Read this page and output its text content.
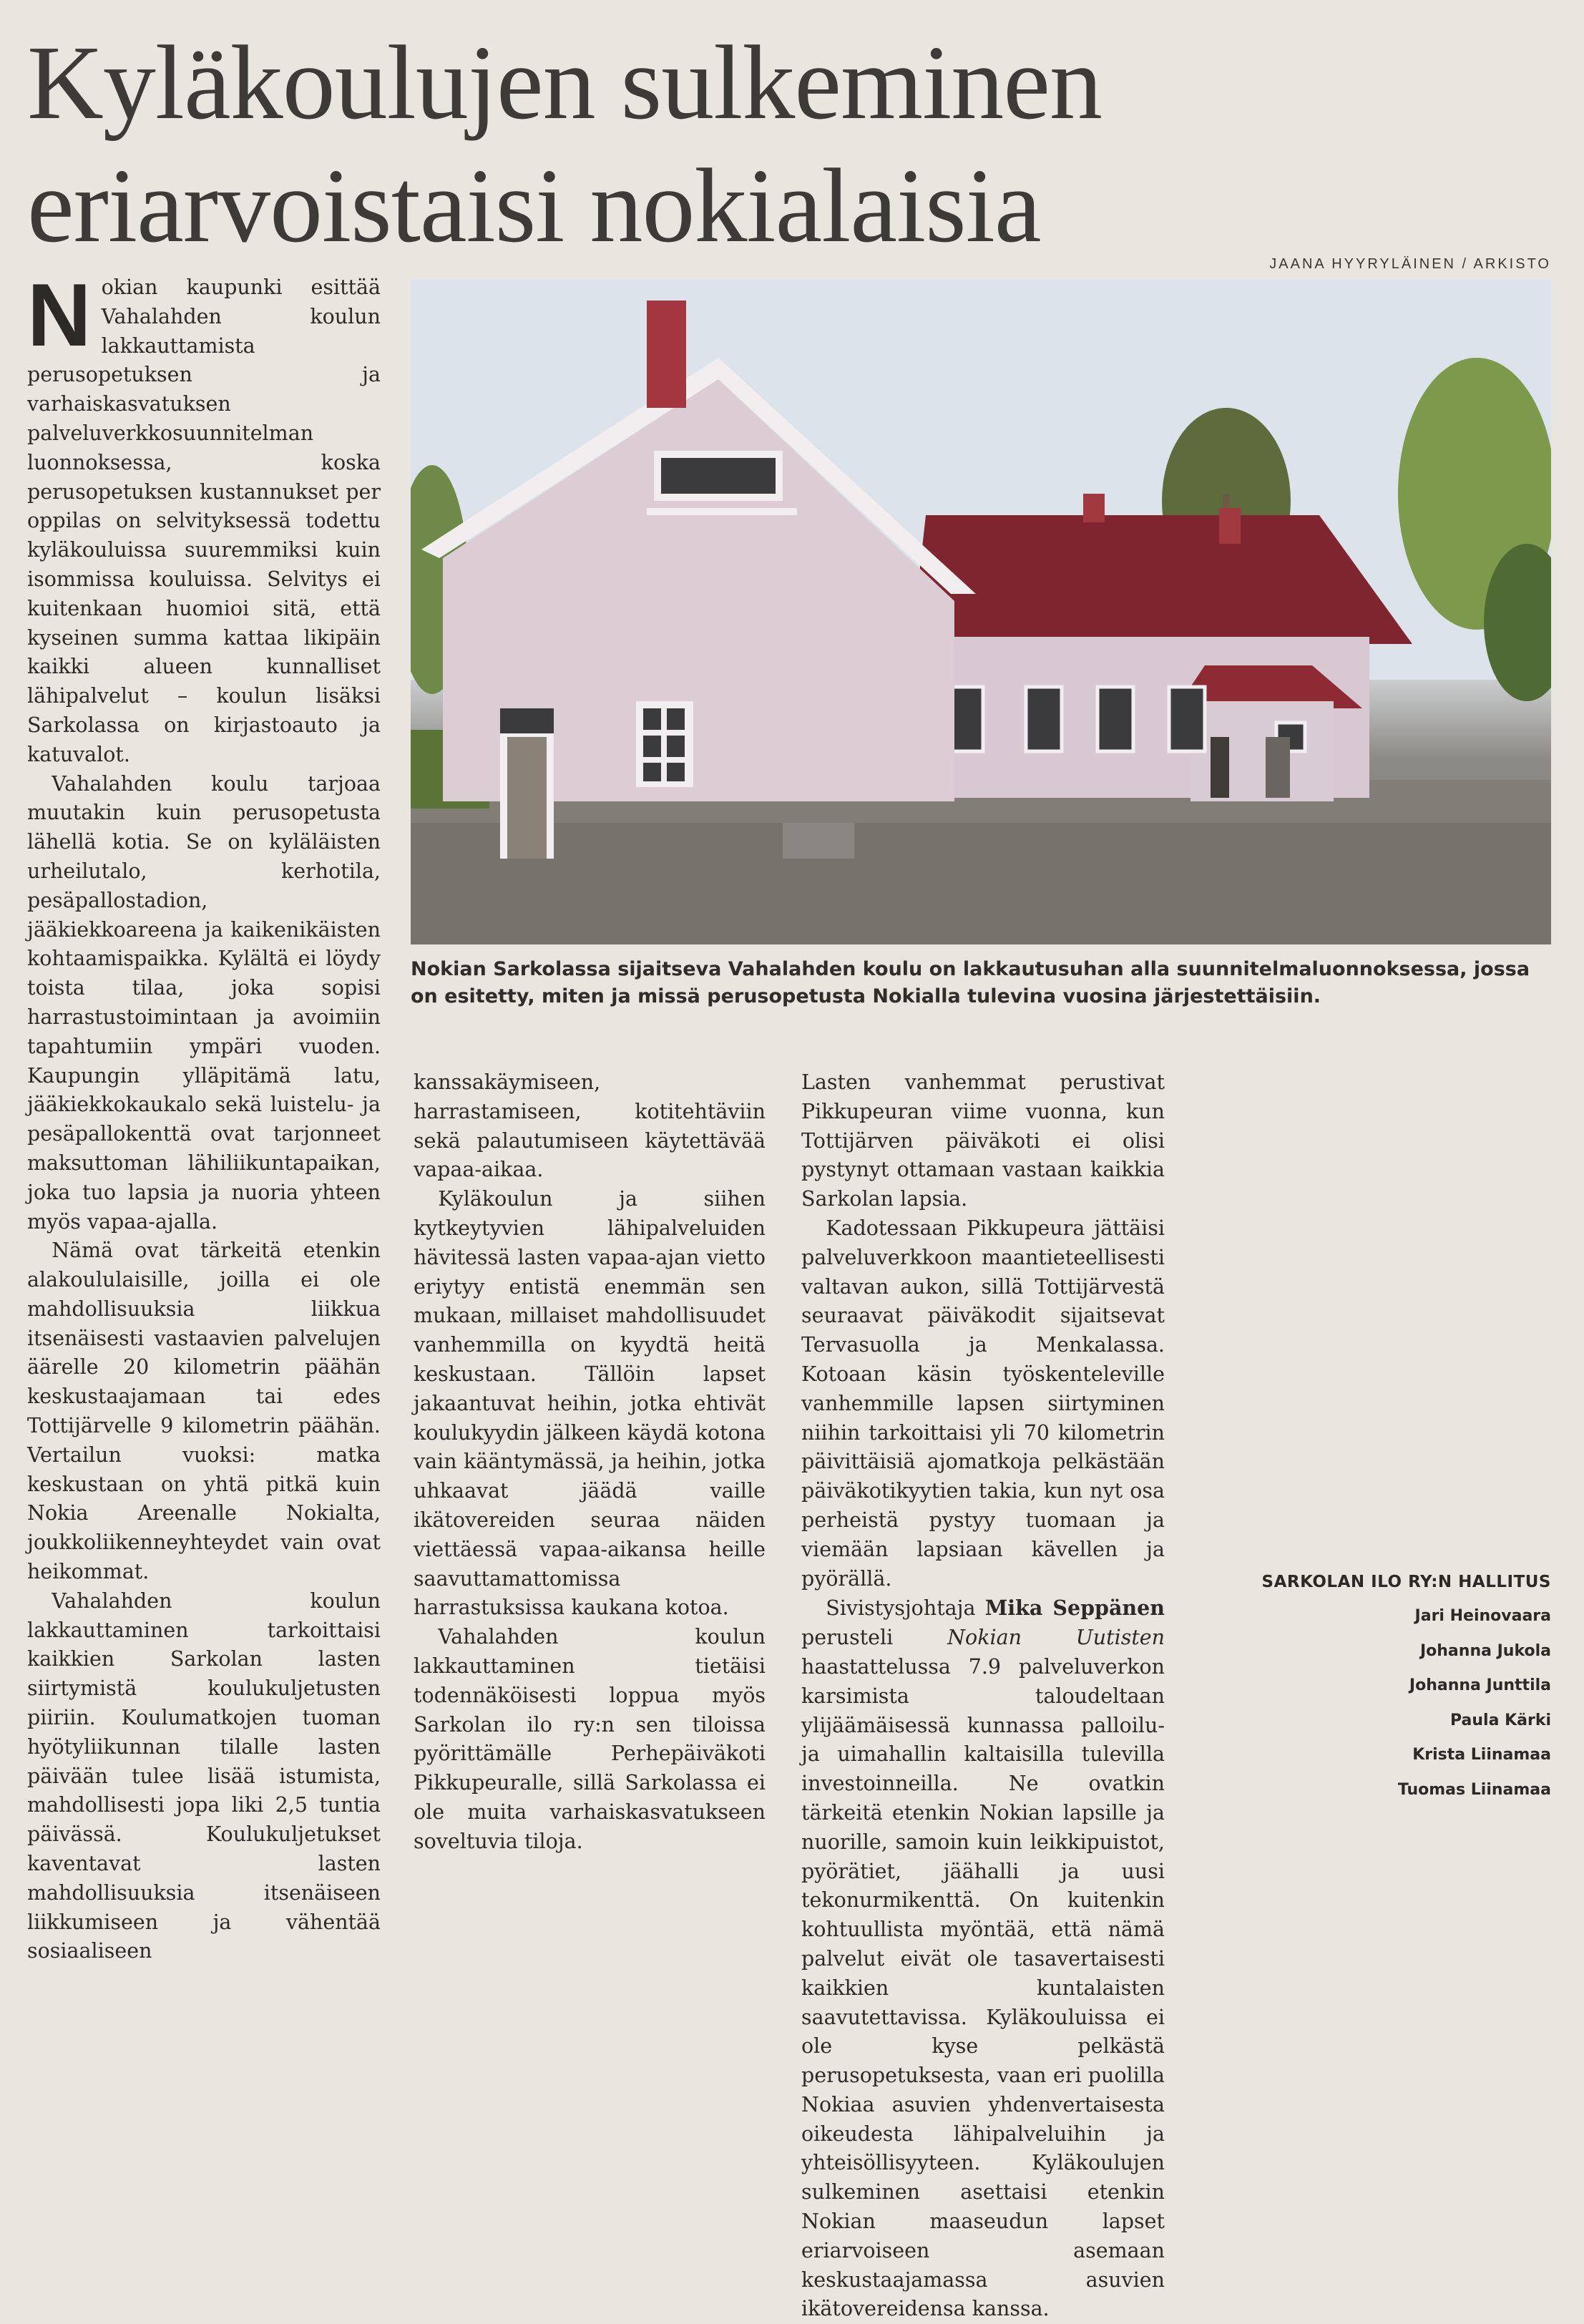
Kyläkoulujen sulkeminen
eriarvoistaisi nokialaisia	JAANA HYYRYLÄINEN / ARKISTO

Nokian Sarkolassa sijaitseva Vahalahden koulu on lakkautusuhan alla suunnitelmaluonnoksessa, jossa on esitetty, miten ja missä perusopetusta Nokialla tulevina vuosina järjestettäisiin.

Nokian kaupunki esittää Vahalahden koulun lakkauttamista perusopetuksen ja varhaiskasvatuksen palveluverkkosuunnitelman luonnoksessa, koska perusopetuksen kustannukset per oppilas on selvityksessä todettu kyläkouluissa suuremmiksi kuin isommissa kouluissa. Selvitys ei kuitenkaan huomioi sitä, että kyseinen summa kattaa likipäin kaikki alueen kunnalliset lähipalvelut – koulun lisäksi Sarkolassa on kirjastoauto ja katuvalot.

Vahalahden koulu tarjoaa muutakin kuin perusopetusta lähellä kotia. Se on kyläläisten urheilutalo, kerhotila, pesäpallostadion, jääkiekkoareena ja kaikenikäisten kohtaamispaikka. Kylältä ei löydy toista tilaa, joka sopisi harrastustoimintaan ja avoimiin tapahtumiin ympäri vuoden. Kaupungin ylläpitämä latu, jääkiekkokaukalo sekä luistelu- ja pesäpallokenttä ovat tarjonneet maksuttoman lähiliikuntapaikan, joka tuo lapsia ja nuoria yhteen myös vapaa-ajalla.

Nämä ovat tärkeitä etenkin alakoululaisille, joilla ei ole mahdollisuuksia liikkua itsenäisesti vastaavien palvelujen äärelle 20 kilometrin päähän keskustaajamaan tai edes Tottijärvelle 9 kilometrin päähän. Vertailun vuoksi: matka keskustaan on yhtä pitkä kuin Nokia Areenalle Nokialta, joukkoliikenneyhteydet vain ovat heikommat.

Vahalahden koulun lakkauttaminen tarkoittaisi kaikkien Sarkolan lasten siirtymistä koulukuljetusten piiriin. Koulumatkojen tuoman hyötyliikunnan tilalle lasten päivään tulee lisää istumista, mahdollisesti jopa liki 2,5 tuntia päivässä. Koulukuljetukset kaventavat lasten mahdollisuuksia itsenäiseen liikkumiseen ja vähentää sosiaaliseen

kanssakäymiseen, harrastamiseen, kotitehtäviin sekä palautumiseen käytettävää vapaa-aikaa.

Kyläkoulun ja siihen kytkeytyvien lähipalveluiden hävitessä lasten vapaa-ajan vietto eriytyy entistä enemmän sen mukaan, millaiset mahdollisuudet vanhemmilla on kyydtä heitä keskustaan. Tällöin lapset jakaantuvat heihin, jotka ehtivät koulukyydin jälkeen käydä kotona vain kääntymässä, ja heihin, jotka uhkaavat jäädä vaille ikätovereiden seuraa näiden viettäessä vapaa-aikansa heille saavuttamattomissa harrastuksissa kaukana kotoa.

Vahalahden koulun lakkauttaminen tietäisi todennäköisesti loppua myös Sarkolan ilo ry:n sen tiloissa pyörittämälle Perhepäiväkoti Pikkupeuralle, sillä Sarkolassa ei ole muita varhaiskasvatukseen soveltuvia tiloja.

Lasten vanhemmat perustivat Pikkupeuran viime vuonna, kun Tottijärven päiväkoti ei olisi pystynyt ottamaan vastaan kaikkia Sarkolan lapsia.

Kadotessaan Pikkupeura jättäisi palveluverkkoon maantieteellisesti valtavan aukon, sillä Tottijärvestä seuraavat päiväkodit sijaitsevat Tervasuolla ja Menkalassa. Kotoaan käsin työskenteleville vanhemmille lapsen siirtyminen niihin tarkoittaisi yli 70 kilometrin päivittäisiä ajomatkoja pelkästään päiväkotikyytien takia, kun nyt osa perheistä pystyy tuomaan ja viemään lapsiaan kävellen ja pyörällä.

Sivistysjohtaja Mika Seppänen perusteli	Nokian Uutisten haastattelussa 7.9 palveluverkon karsimista taloudeltaan ylijäämäisessä kunnassa palloilu- ja uimahallin kaltaisilla tulevilla investoinneilla. Ne ovatkin tärkeitä etenkin Nokian lapsille ja nuorille, samoin kuin leikkipuistot, pyörätiet, jäähalli ja uusi tekonurmikenttä. On kuitenkin kohtuullista myöntää, että nämä palvelut eivät ole tasavertaisesti kaikkien kuntalaisten saavutettavissa. Kyläkouluissa ei ole kyse pelkästä perusopetuksesta, vaan eri puolilla Nokiaa asuvien yhdenvertaisesta oikeudesta lähipalveluihin ja yhteisöllisyyteen. Kyläkoulujen sulkeminen asettaisi etenkin Nokian maaseudun lapset eriarvoiseen asemaan keskustaajamassa asuvien ikätovereidensa kanssa.

SARKOLAN ILO RY:N HALLITUS
Jari Heinovaara
Johanna Jukola
Johanna Junttila
Paula Kärki
Krista Liinamaa
Tuomas Liinamaa
